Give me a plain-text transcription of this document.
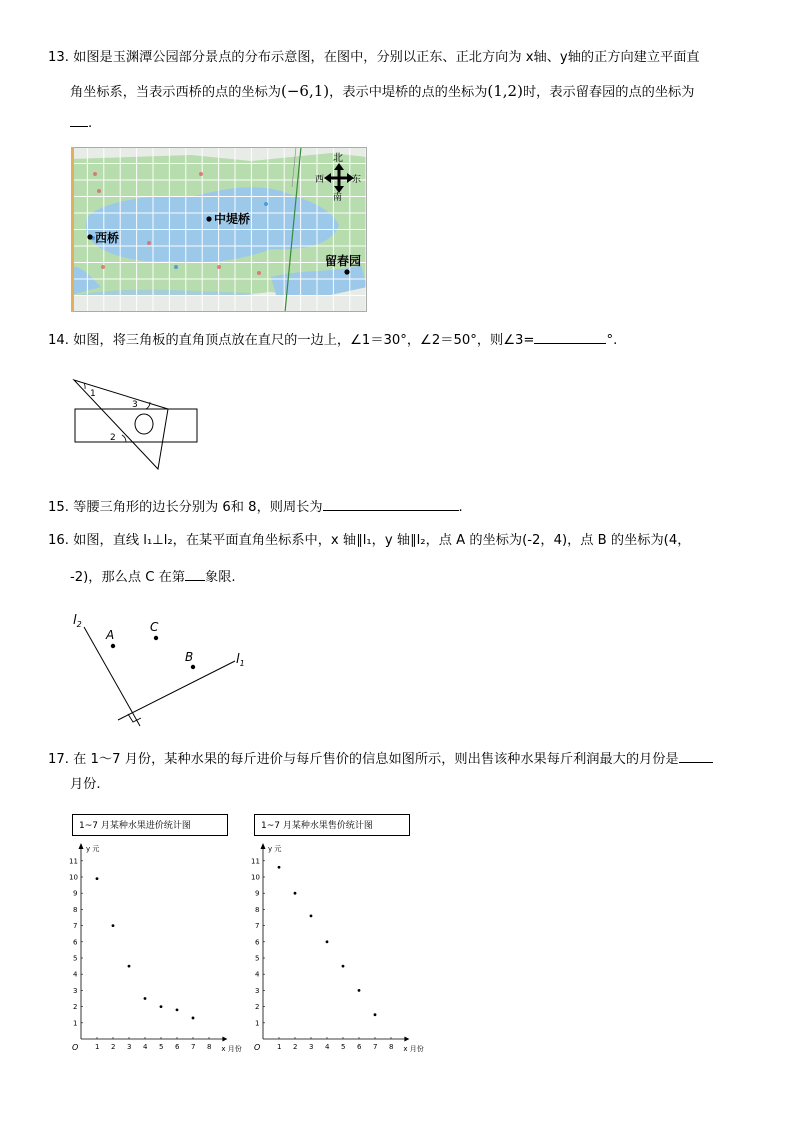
13. 如图是玉渊潭公园部分景点的分布示意图，在图中，分别以正东、正北方向为 x轴、y轴的正方向建立平面直
角坐标系，当表示西桥的点的坐标为(−6,1)，表示中堤桥的点的坐标为(1,2)时，表示留春园的点的坐标为
.
北
南
西	东
西桥
中堤桥
留春园
14. 如图，将三角板的直角顶点放在直尺的一边上，∠1＝30°，∠2＝50°，则∠3=	°.
1
2
3
15. 等腰三角形的边长分别为 6和 8，则周长为	.
16. 如图，直线 l₁⊥l₂，在某平面直角坐标系中，x 轴∥l₁，y 轴∥l₂，点 A 的坐标为(-2，4)，点 B 的坐标为(4，
-2)，那么点 C 在第 象限.
$l_2$
$l_1$
A
C
B
17. 在 1～7 月份，某种水果的每斤进价与每斤售价的信息如图所示，则出售该种水果每斤利润最大的月份是
月份.
1~7 月某种水果进价统计图
y 元
x 月份
O 1 2 3 4 5 6 7 8
1
2
3
4
5
6
7
8
9
10
11
1~7 月某种水果售价统计图
y 元
x 月份
O 1 2 3 4 5 6 7 8
1
2
3
4
5
6
7
8
9
10
11
